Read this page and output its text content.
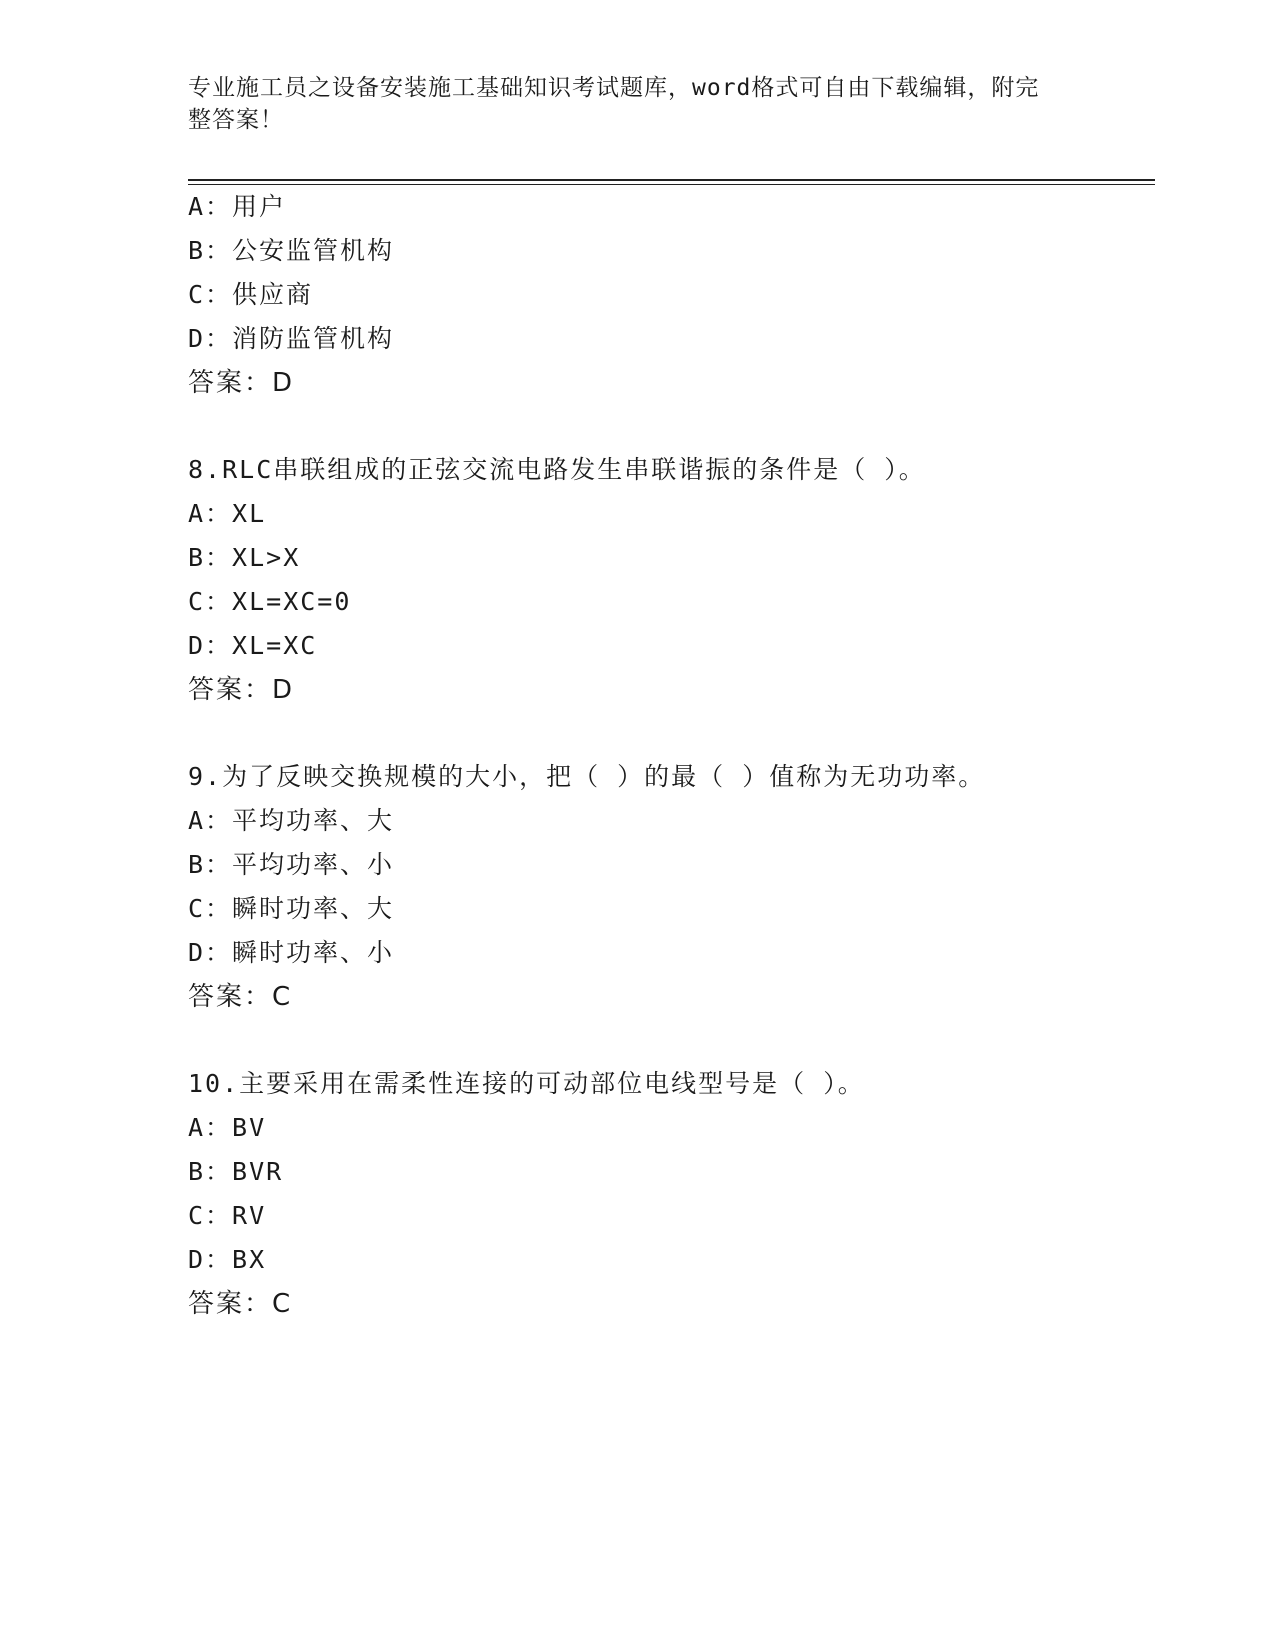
专业施工员之设备安装施工基础知识考试题库，word格式可自由下载编辑，附完
整答案！
A：用户
B：公安监管机构
C：供应商
D：消防监管机构
答案：D
8.RLC串联组成的正弦交流电路发生串联谐振的条件是（ ）。
A：XL
B：XL>X
C：XL=XC=0
D：XL=XC
答案：D
9.为了反映交换规模的大小，把（ ）的最（ ）值称为无功功率。
A：平均功率、大
B：平均功率、小
C：瞬时功率、大
D：瞬时功率、小
答案：C
10.主要采用在需柔性连接的可动部位电线型号是（ ）。
A：BV
B：BVR
C：RV
D：BX
答案：C
